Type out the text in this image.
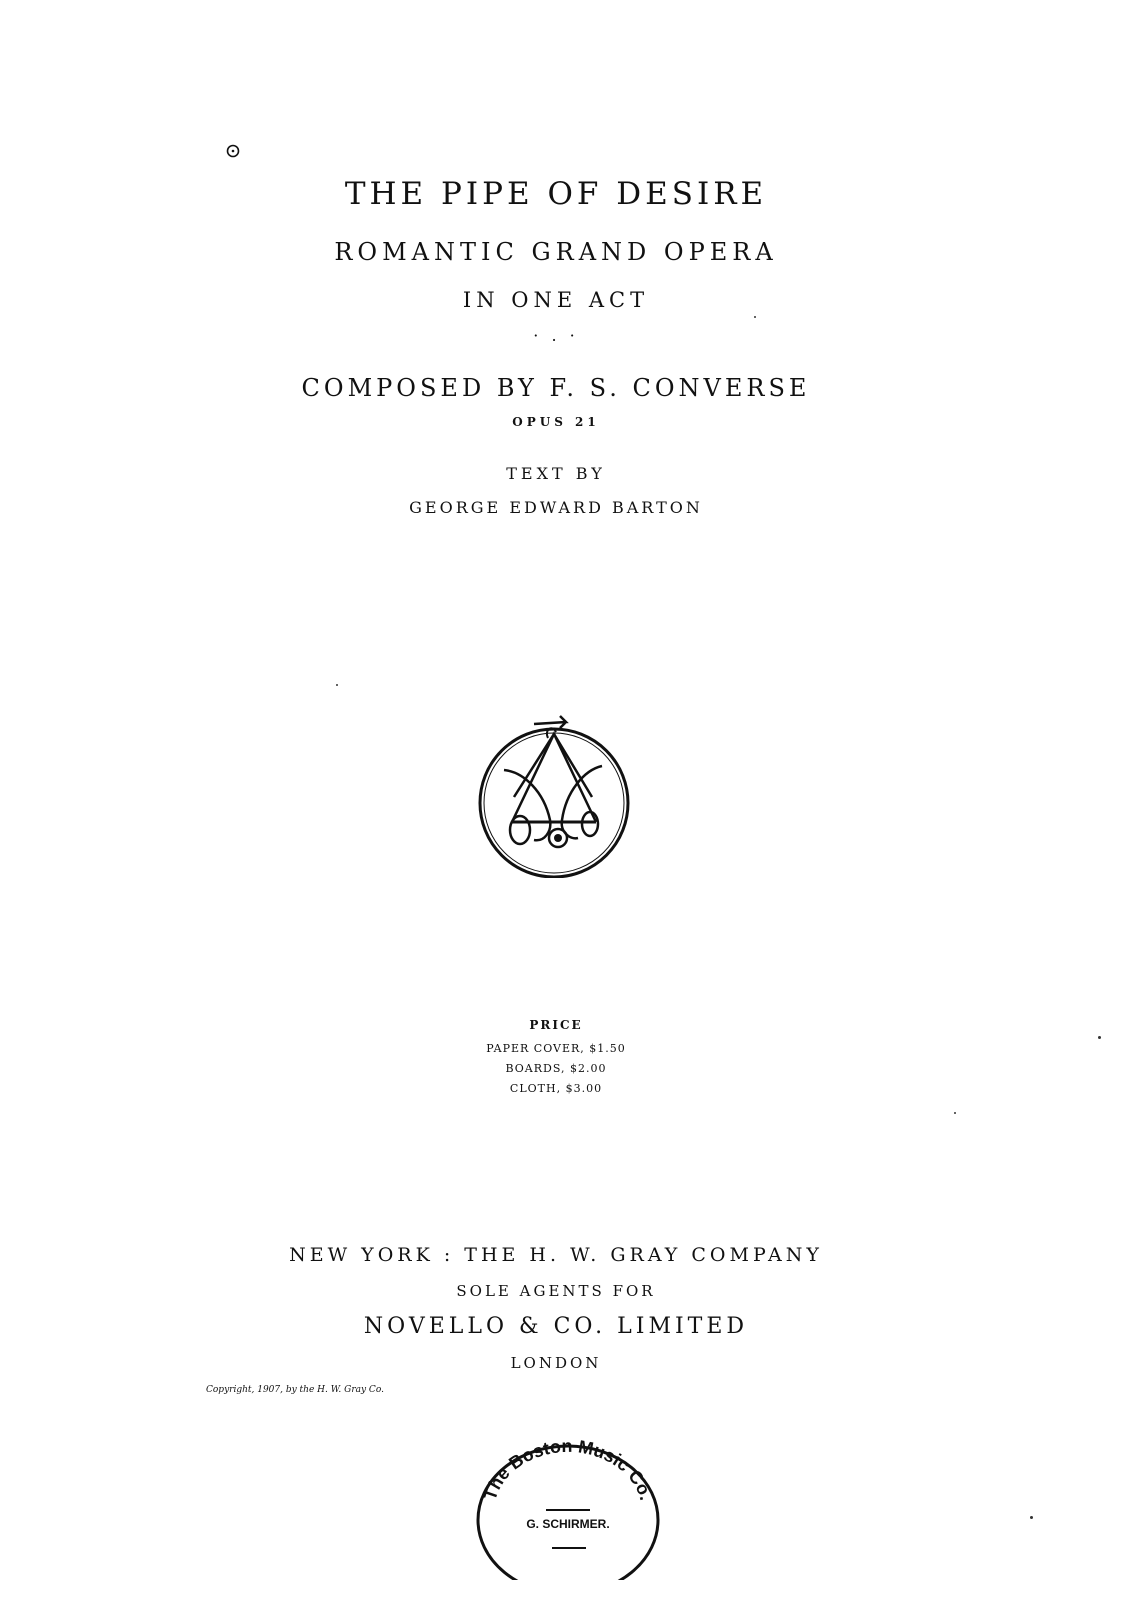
THE PIPE OF DESIRE
ROMANTIC GRAND OPERA
IN ONE ACT
· . ·
COMPOSED BY F. S. CONVERSE
OPUS 21
TEXT BY
GEORGE EDWARD BARTON
PRICE
PAPER COVER, $1.50
BOARDS, $2.00
CLOTH, $3.00
NEW YORK : THE H. W. GRAY COMPANY
SOLE AGENTS FOR
NOVELLO & CO. LIMITED
LONDON
Copyright, 1907, by the H. W. Gray Co.
The Boston Music Co.
G. SCHIRMER.
